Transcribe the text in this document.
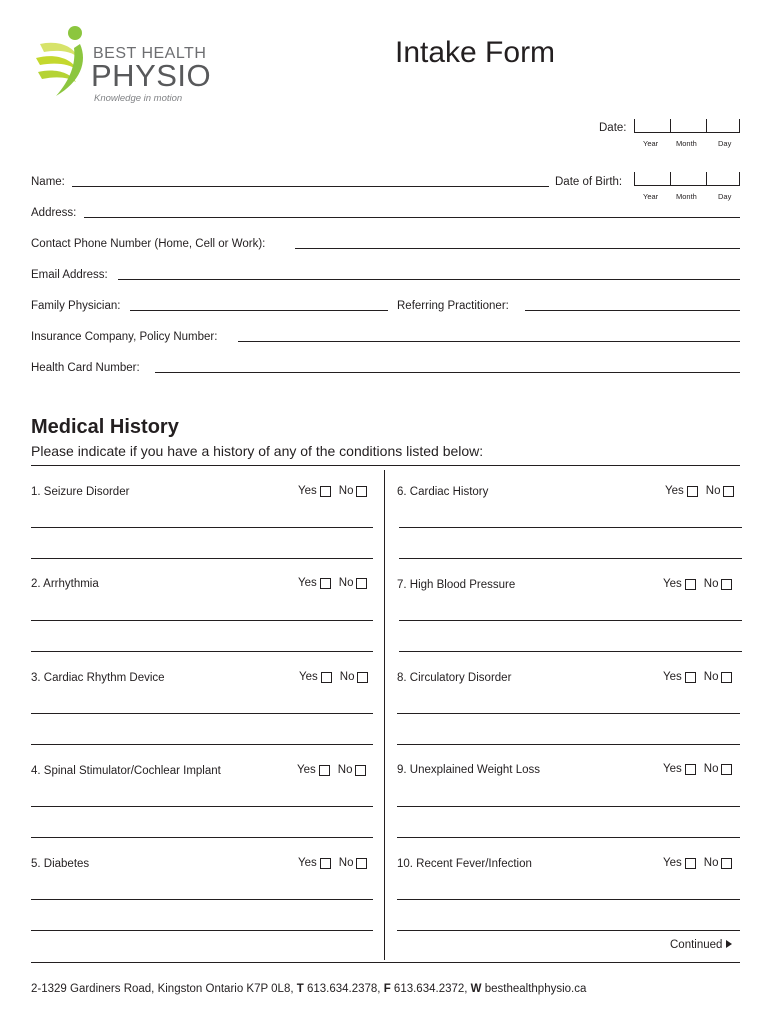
BEST HEALTH
PHYSIO
Knowledge in motion
Intake Form
Date:
Year Month	Day
Name:	Date of Birth:
Year Month	Day
Address:
Contact Phone Number (Home, Cell or Work):
Email Address:
Family Physician:	Referring Practitioner:
Insurance Company, Policy Number:
Health Card Number:
Medical History
Please indicate if you have a history of any of the conditions listed below:
1. Seizure Disorder	Yes No
2. Arrhythmia	Yes No
3. Cardiac Rhythm Device	Yes No
4. Spinal Stimulator/Cochlear Implant	Yes No
5. Diabetes	Yes No
6. Cardiac History	Yes No
7. High Blood Pressure	Yes No
8. Circulatory Disorder	Yes No
9. Unexplained Weight Loss	Yes No
10. Recent Fever/Infection	Yes No
Continued
2-1329 Gardiners Road, Kingston Ontario K7P 0L8, T 613.634.2378, F 613.634.2372, W besthealthphysio.ca
